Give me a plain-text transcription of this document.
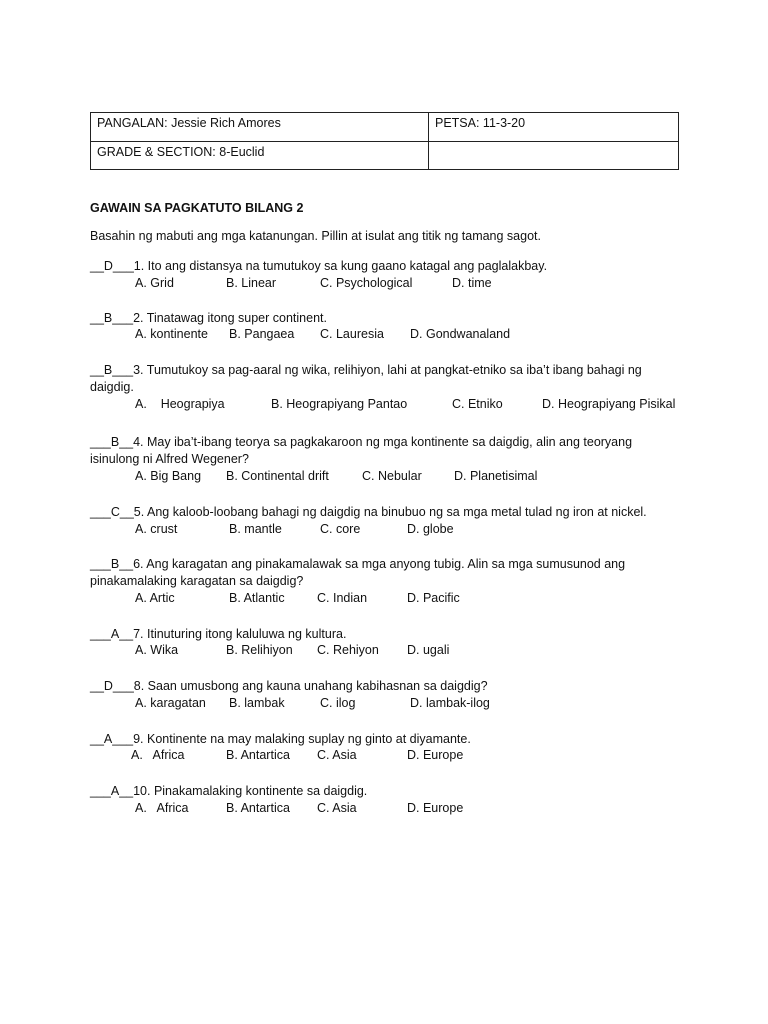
PANGALAN: Jessie Rich Amores	PETSA: 11-3-20
GRADE & SECTION: 8-Euclid	
GAWAIN SA PAGKATUTO BILANG 2
Basahin ng mabuti ang mga katanungan. Pillin at isulat ang titik ng tamang sagot.
__D___1. Ito ang distansya na tumutukoy sa kung gaano katagal ang paglalakbay.
A. Grid	B. Linear	C. Psychological	D. time
__B___2. Tinatawag itong super continent.
A. kontinente B. Pangaea C. Lauresia D. Gondwanaland
__B___3. Tumutukoy sa pag-aaral ng wika, relihiyon, lahi at pangkat-etniko sa iba’t ibang bahagi ng daigdig.
A.    Heograpiya	B. Heograpiyang Pantao	C. Etniko	D. Heograpiyang Pisikal
___B__4. May iba’t-ibang teorya sa pagkakaroon ng mga kontinente sa daigdig, alin ang teoryang isinulong ni Alfred Wegener?
A. Big Bang B. Continental drift	C. Nebular	D. Planetisimal
___C__5. Ang kaloob-loobang bahagi ng daigdig na binubuo ng sa mga metal tulad ng iron at nickel.
A. crust	B. mantle	C. core	D. globe
___B__6. Ang karagatan ang pinakamalawak sa mga anyong tubig. Alin sa mga sumusunod ang pinakamalaking karagatan sa daigdig?
A. Artic	B. Atlantic	C. Indian	D. Pacific
___A__7. Itinuturing itong kaluluwa ng kultura.
A. Wika	B. Relihiyon C. Rehiyon D. ugali
__D___8. Saan umusbong ang kauna unahang kabihasnan sa daigdig?
A. karagatan B. lambak	C. ilog	D. lambak-ilog
__A___9. Kontinente na may malaking suplay ng ginto at diyamante.
A.   Africa	B. Antartica C. Asia	D. Europe
___A__10. Pinakamalaking kontinente sa daigdig.
A.   Africa	B. Antartica C. Asia	D. Europe
